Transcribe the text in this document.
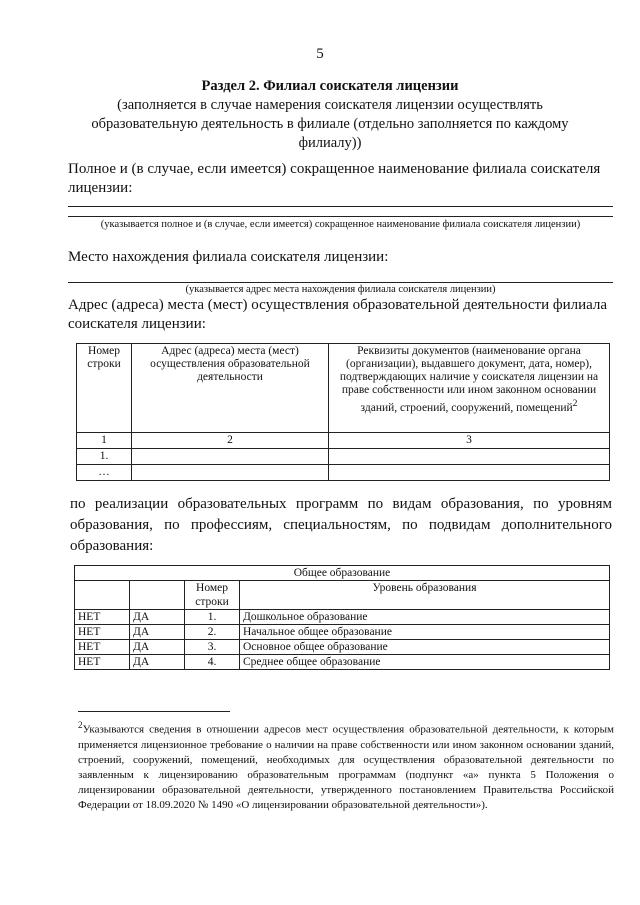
5
Раздел 2. Филиал соискателя лицензии
(заполняется в случае намерения соискателя лицензии осуществлять образовательную деятельность в филиале (отдельно заполняется по каждому филиалу))
Полное и (в случае, если имеется) сокращенное наименование филиала соискателя лицензии:
(указывается полное и (в случае, если имеется) сокращенное наименование филиала соискателя лицензии)
Место нахождения филиала соискателя лицензии:
(указывается адрес места нахождения филиала соискателя лицензии)
Адрес (адреса) места (мест) осуществления образовательной деятельности филиала соискателя лицензии:
Номер строки	Адрес (адреса) места (мест) осуществления образовательной деятельности	Реквизиты документов (наименование органа (организации), выдавшего документ, дата, номер), подтверждающих наличие у соискателя лицензии на праве собственности или ином законном основании зданий, строений, сооружений, помещений$^2$
1	2	3
1.		
…		
по реализации образовательных программ по видам образования, по уровням образования, по профессиям, специальностям, по подвидам дополнительного образования:
Общее образование			
		Номер строки	Уровень образования
НЕТ	ДА	1.	Дошкольное образование
НЕТ	ДА	2.	Начальное общее образование
НЕТ	ДА	3.	Основное общее образование
НЕТ	ДА	4.	Среднее общее образование
$^2$Указываются сведения в отношении адресов мест осуществления образовательной деятельности, к которым применяется лицензионное требование о наличии на праве собственности или ином законном основании зданий, строений, сооружений, помещений, необходимых для осуществления образовательной деятельности по заявленным к лицензированию образовательным программам (подпункт «а» пункта 5 Положения о лицензировании образовательной деятельности, утвержденного постановлением Правительства Российской Федерации от 18.09.2020 № 1490 «О лицензировании образовательной деятельности»).
